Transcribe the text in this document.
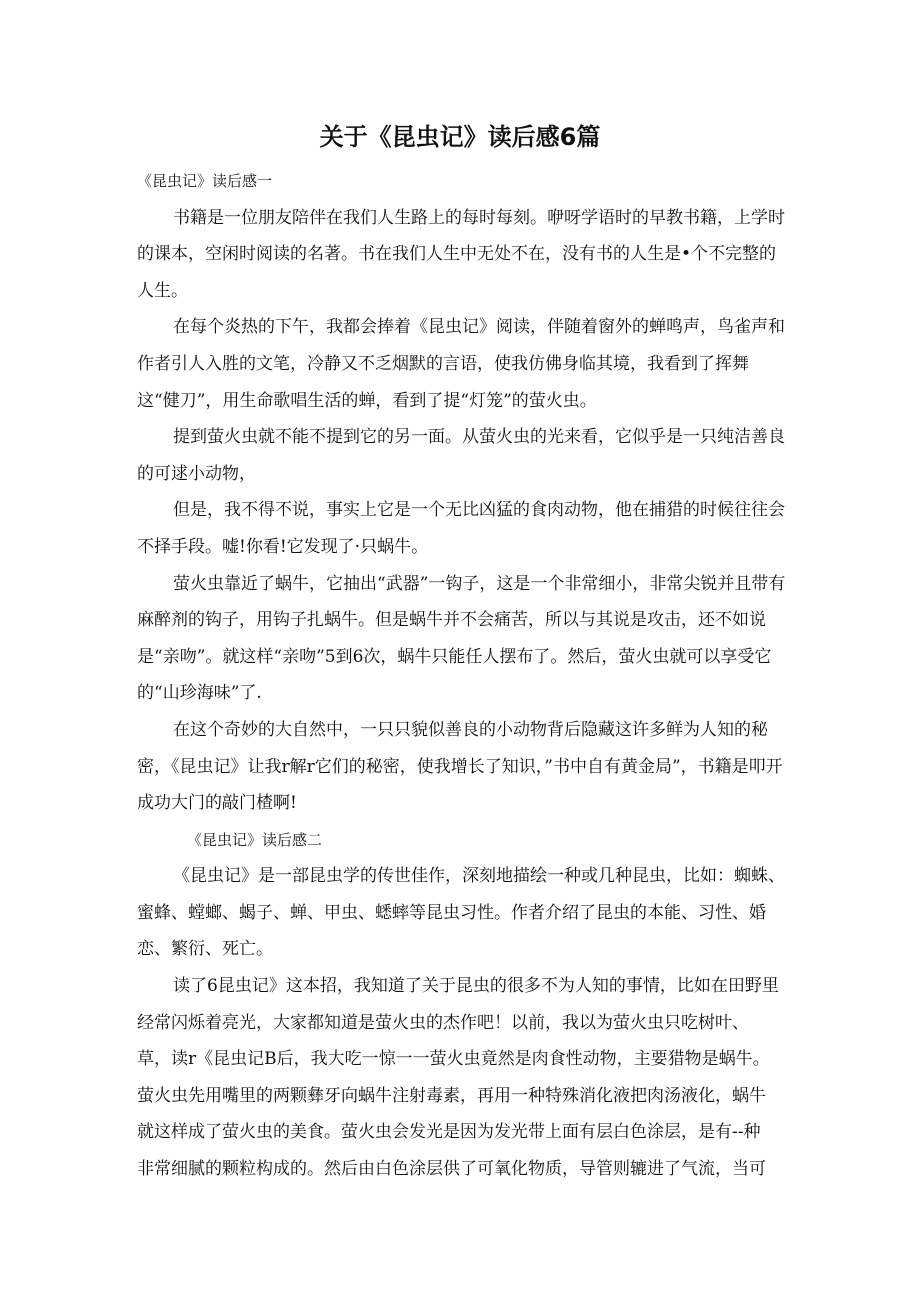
关于《昆虫记》读后感6篇

《昆虫记》读后感一

书籍是一位朋友陪伴在我们人生路上的每时每刻。咿呀学语时的早教书籍，上学时的课本，空闲时阅读的名著。书在我们人生中无处不在，没有书的人生是•个不完整的人生。

在每个炎热的下午，我都会捧着《昆虫记》阅读，伴随着窗外的蝉鸣声，鸟雀声和作者引人入胜的文笔，冷静又不乏烟默的言语，使我仿佛身临其境，我看到了挥舞这“健刀”，用生命歌唱生活的蝉，看到了提“灯笼”的萤火虫。

提到萤火虫就不能不提到它的另一面。从萤火虫的光来看，它似乎是一只纯洁善良的可逑小动物，

但是，我不得不说，事实上它是一个无比凶猛的食肉动物，他在捕猎的时候往往会不择手段。嘘!你看!它发现了·只蜗牛。

萤火虫靠近了蜗牛，它抽出“武器”一钩子，这是一个非常细小，非常尖锐并且带有麻醉剂的钩子，用钩子扎蜗牛。但是蜗牛并不会痛苦，所以与其说是攻击，还不如说是“亲吻”。就这样“亲吻”5到6次，蜗牛只能任人摆布了。然后，萤火虫就可以享受它的“山珍海味”了.

在这个奇妙的大自然中，一只只貌似善良的小动物背后隐藏这许多鲜为人知的秘密，《昆虫记》让我r解r它们的秘密，使我增长了知识，”书中自有黄金局”，书籍是叩开成功大门的敲门楂啊!

《昆虫记》读后感二

《昆虫记》是一部昆虫学的传世佳作，深刻地描绘一种或几种昆虫，比如：蜘蛛、蜜蜂、螳螂、蝎子、蝉、甲虫、蟋蟀等昆虫习性。作者介绍了昆虫的本能、习性、婚恋、繁衍、死亡。

读了6昆虫记》这本招，我知道了关于昆虫的很多不为人知的事情，比如在田野里

经常闪烁着亮光，大家都知道是萤火虫的杰作吧！以前，我以为萤火虫只吃树叶、

草，读r《昆虫记B后，我大吃一惊一一萤火虫竟然是肉食性动物，主要猎物是蜗牛。

萤火虫先用嘴里的两颗彝牙向蜗牛注射毒素，再用一种特殊消化液把肉汤液化，蜗牛

就这样成了萤火虫的美食。萤火虫会发光是因为发光带上面有层白色涂层，是有--种

非常细腻的颗粒构成的。然后由白色涂层供了可氧化物质，导管则辘进了气流，当可
